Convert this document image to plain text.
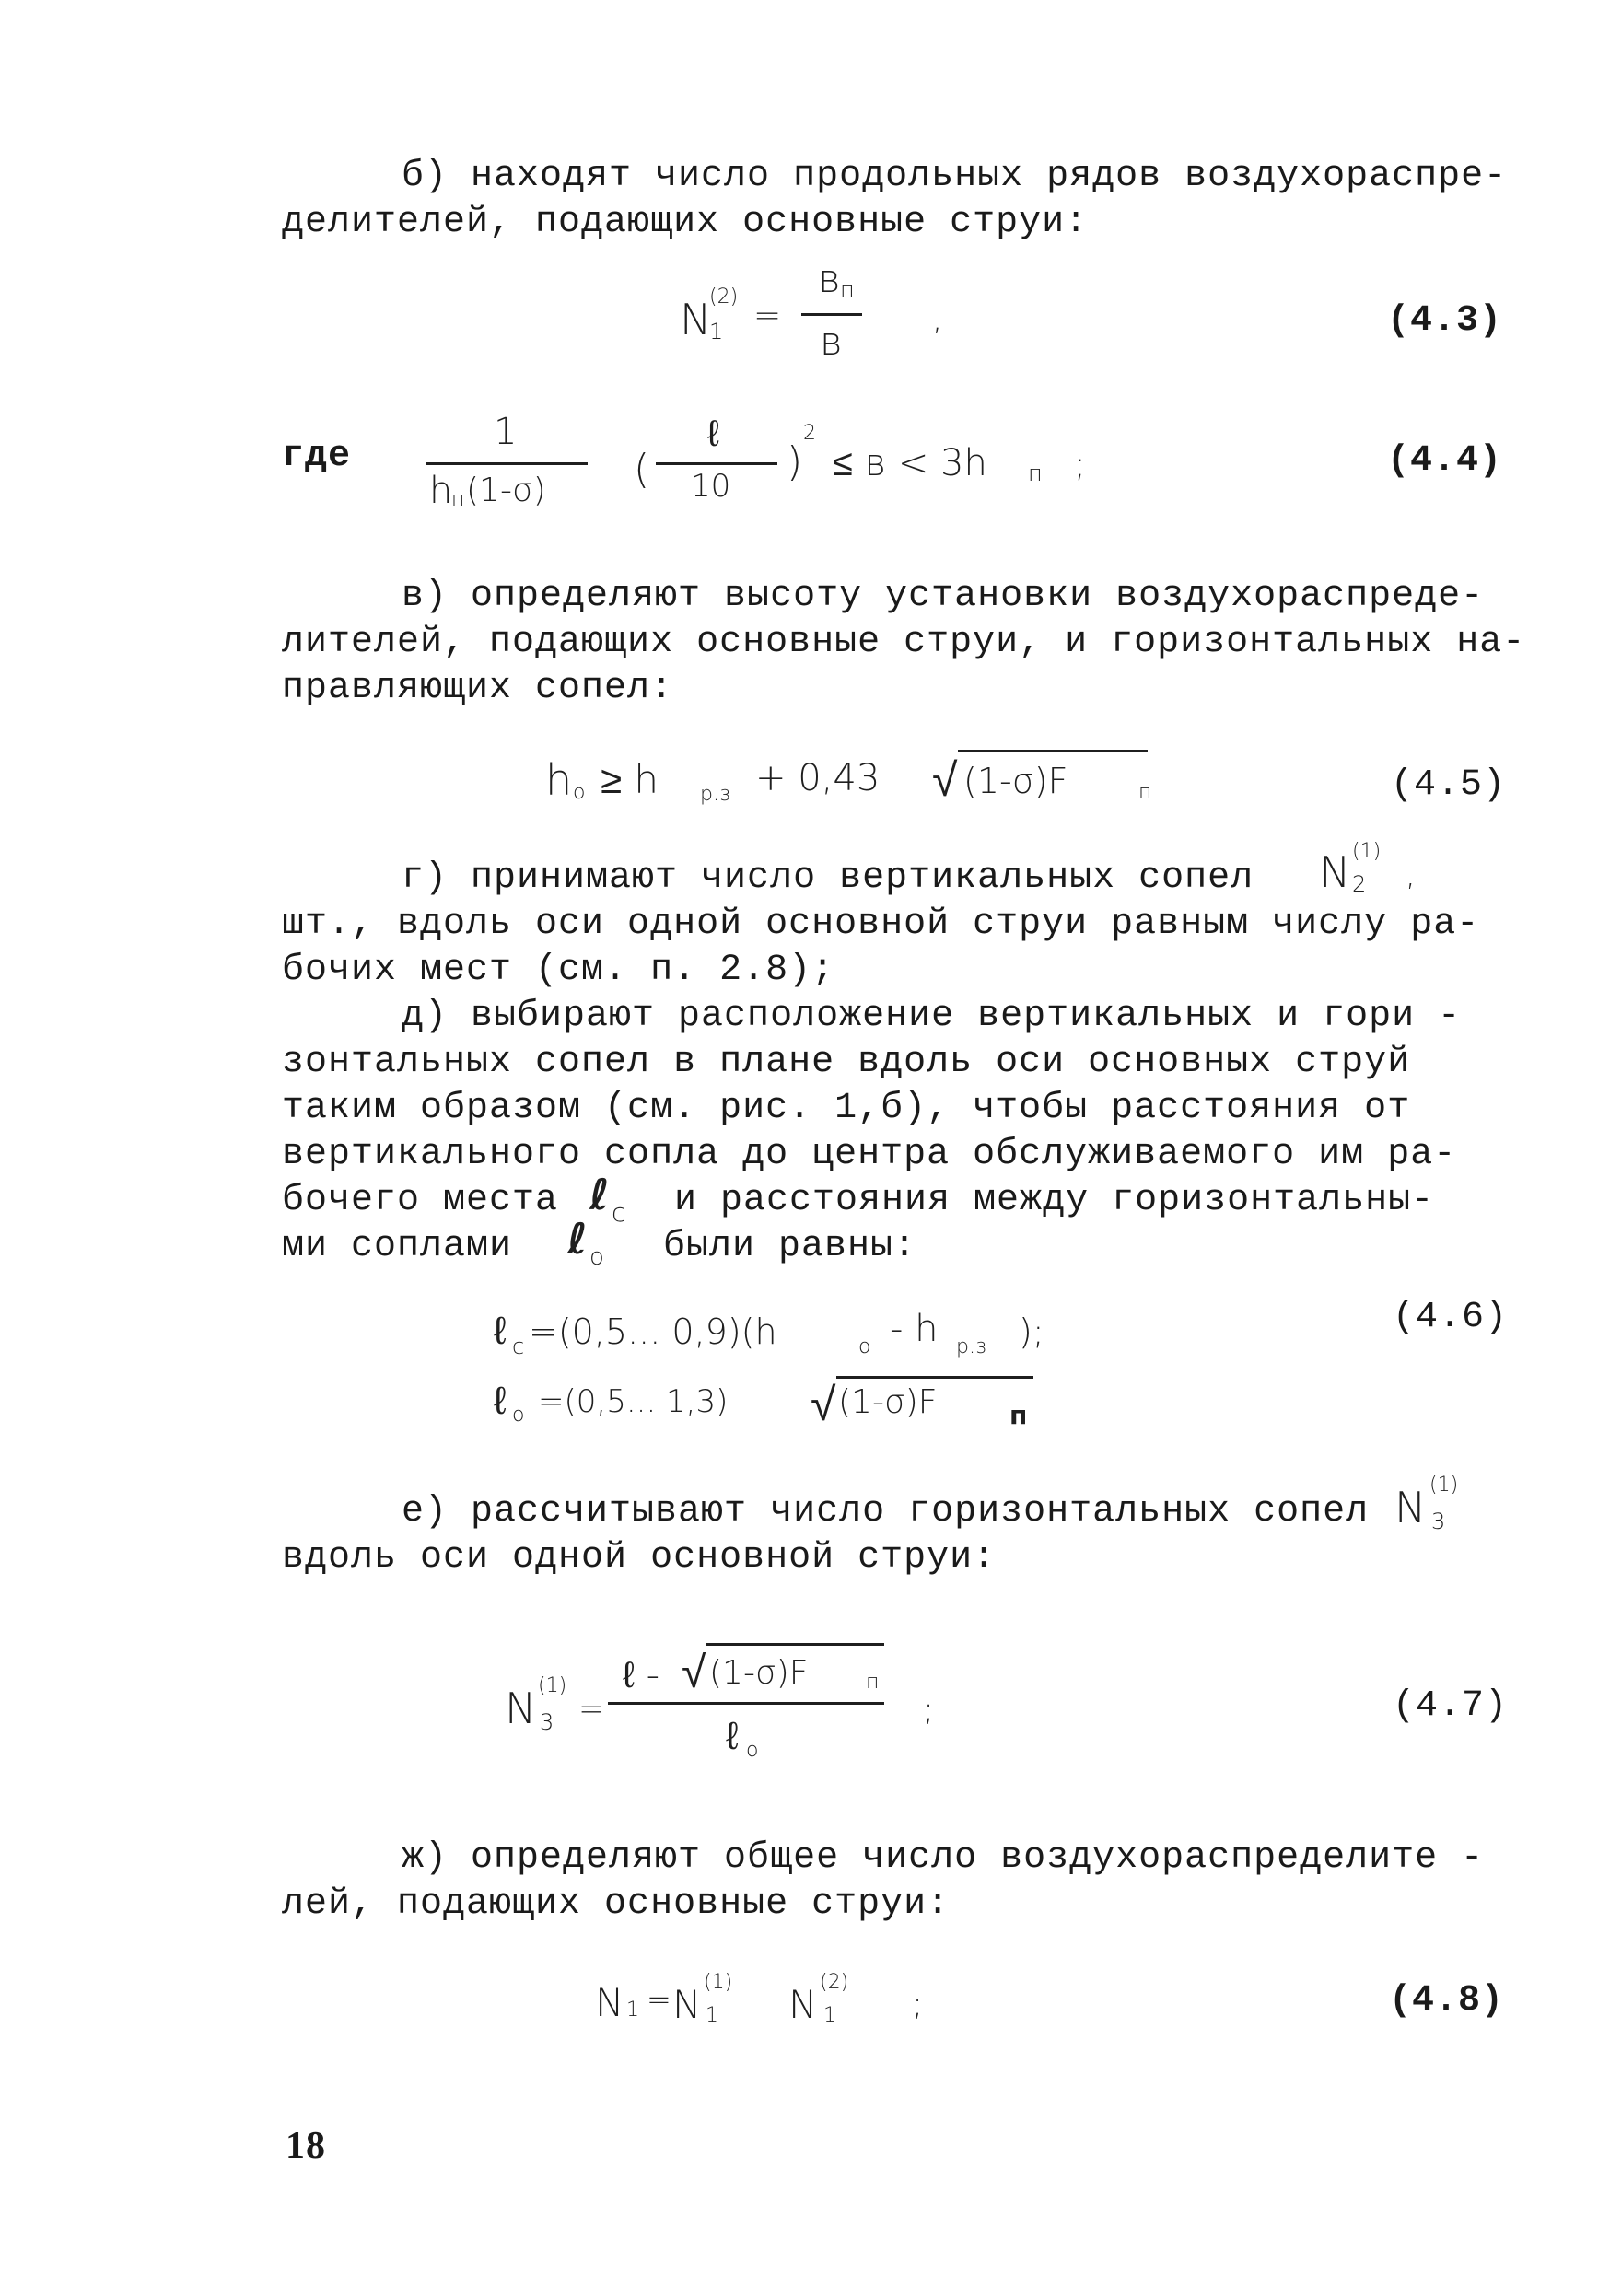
б) находят число продольных рядов воздухораспре-
делителей, подающих основные струи:
N
(2)
1 =
в п
в	,	(4.3)
где
1
h
п (1-σ) (
ℓ
10
)
2
≤ в < 3h п ;	(4.4)
в) определяют высоту установки воздухораспреде-
лителей, подающих основные струи, и горизонтальных на-
правляющих сопел:
h о ≥ h р.з + 0,43 √ (1-σ)F	п	(4.5)
г) принимают число вертикальных сопел N (1)
2 ,
шт., вдоль оси одной основной струи равным числу ра-
бочих мест (см. п. 2.8);
д) выбирают расположение вертикальных и гори -
зонтальных сопел в плане вдоль оси основных струй
таким образом (см. рис. 1,б), чтобы расстояния от
вертикального сопла до центра обслуживаемого им ра-
бочего места ℓ с и расстояния между горизонтальны-
ми соплами ℓ о были равны:
ℓ с =(0,5... 0,9)(h	о - h р.з );	(4.6)
ℓ о =(0,5... 1,3) √ (1-σ)F	п
е) рассчитывают число горизонтальных сопел N (1)
3
вдоль оси одной основной струи:
N (1)
3 =
ℓ - √ (1-σ)F	п
ℓ о
;	(4.7)
ж) определяют общее число воздухораспределите -
лей, подающих основные струи:
N 1 = N (1)
1 N (2)
1 ;	(4.8)
18
